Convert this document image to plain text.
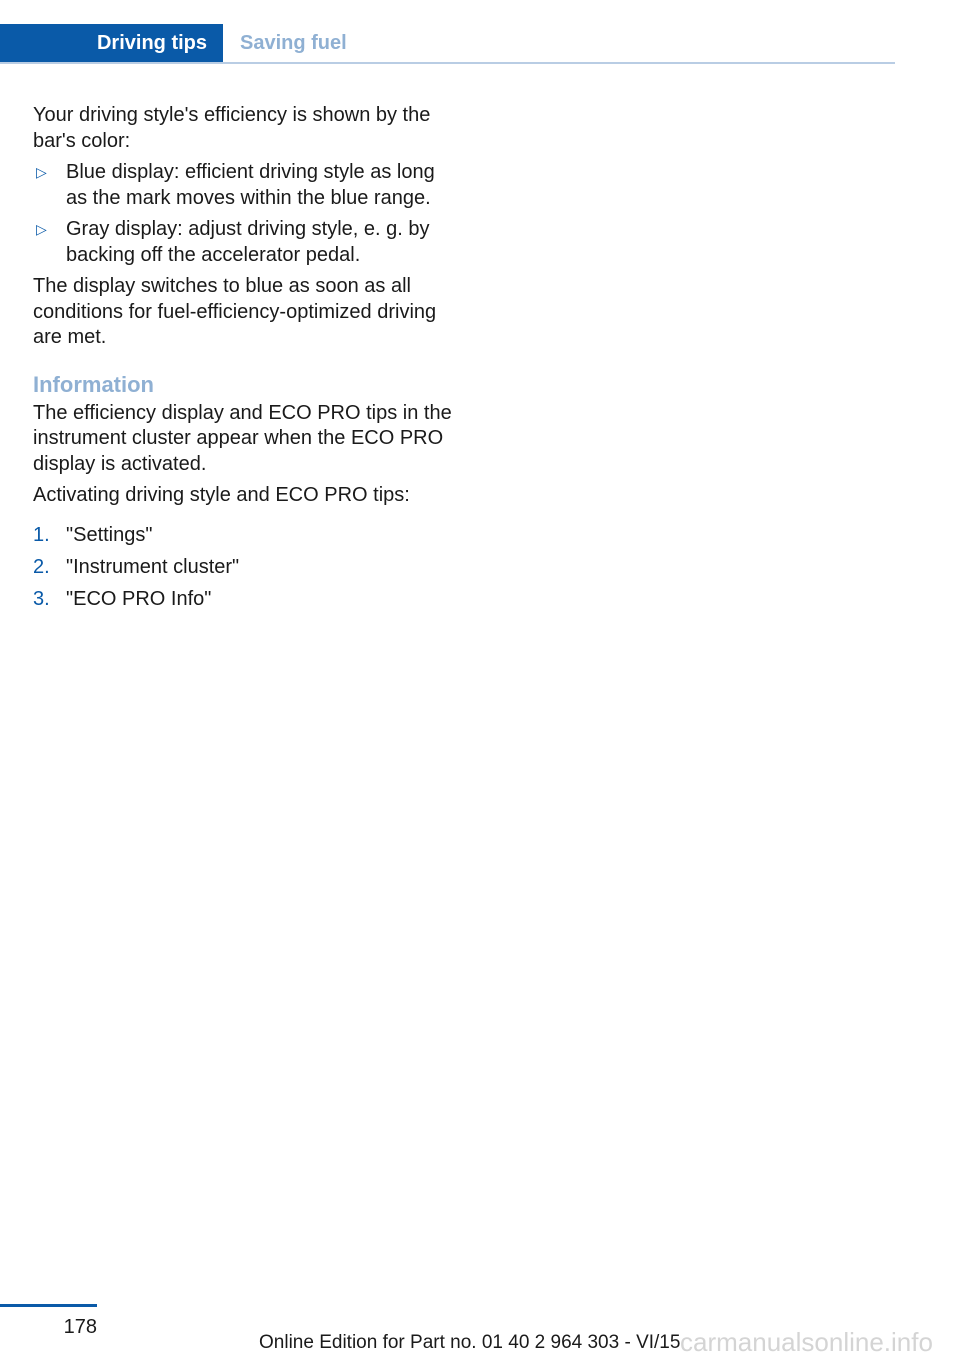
Driving tips	Saving fuel

Your driving style's efficiency is shown by the bar's color:

▷ Blue display: efficient driving style as long as the mark moves within the blue range.
▷ Gray display: adjust driving style, e. g. by backing off the accelerator pedal.

The display switches to blue as soon as all conditions for fuel-efficiency-optimized driving are met.

Information

The efficiency display and ECO PRO tips in the instrument cluster appear when the ECO PRO display is activated.

Activating driving style and ECO PRO tips:

1. "Settings"
2. "Instrument cluster"
3. "ECO PRO Info"
178
Online Edition for Part no. 01 40 2 964 303 - VI/15 carmanualsonline.info
